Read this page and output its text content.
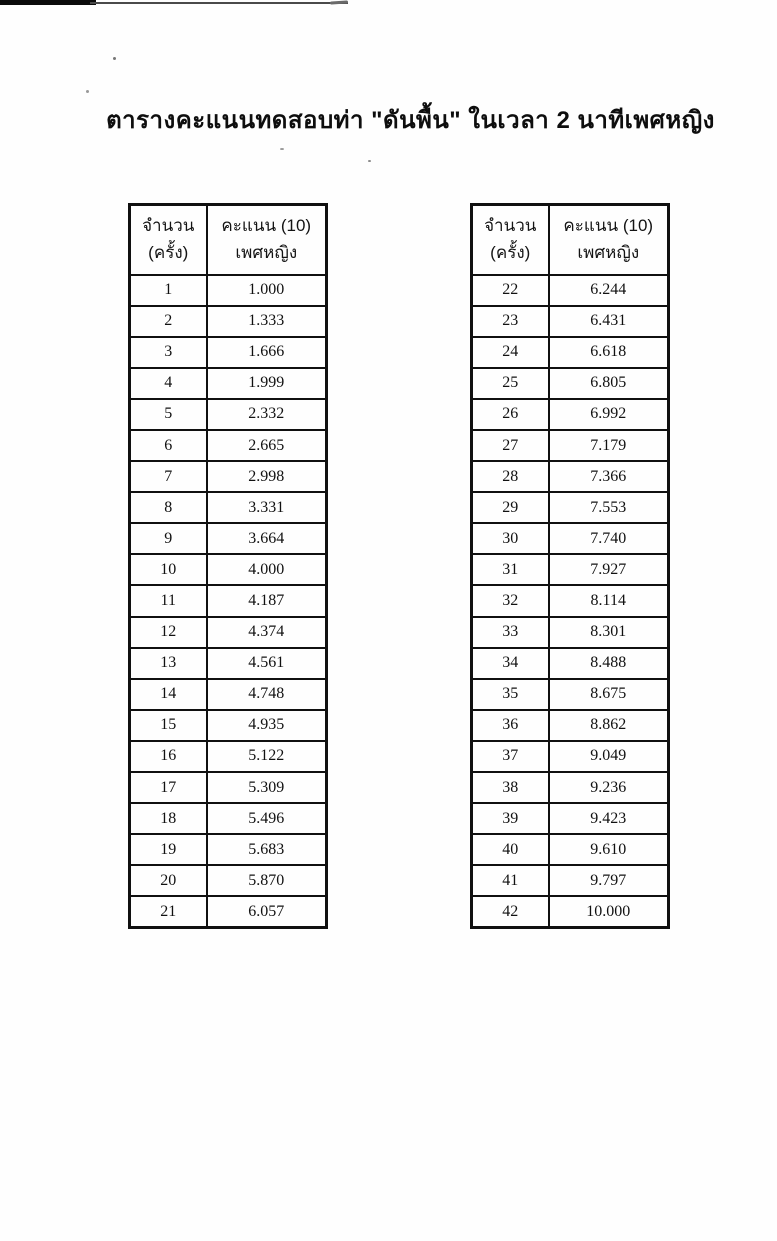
ตารางคะแนนทดสอบท่า "ดันพื้น" ในเวลา 2 นาทีเพศหญิง
จำนวน
(ครั้ง)	คะแนน (10)
เพศหญิง

1	1.000
2	1.333
3	1.666
4	1.999
5	2.332
6	2.665
7	2.998
8	3.331
9	3.664
10	4.000
11	4.187
12	4.374
13	4.561
14	4.748
15	4.935
16	5.122
17	5.309
18	5.496
19	5.683
20	5.870
21	6.057
จำนวน
(ครั้ง)	คะแนน (10)
เพศหญิง

22	6.244
23	6.431
24	6.618
25	6.805
26	6.992
27	7.179
28	7.366
29	7.553
30	7.740
31	7.927
32	8.114
33	8.301
34	8.488
35	8.675
36	8.862
37	9.049
38	9.236
39	9.423
40	9.610
41	9.797
42	10.000
